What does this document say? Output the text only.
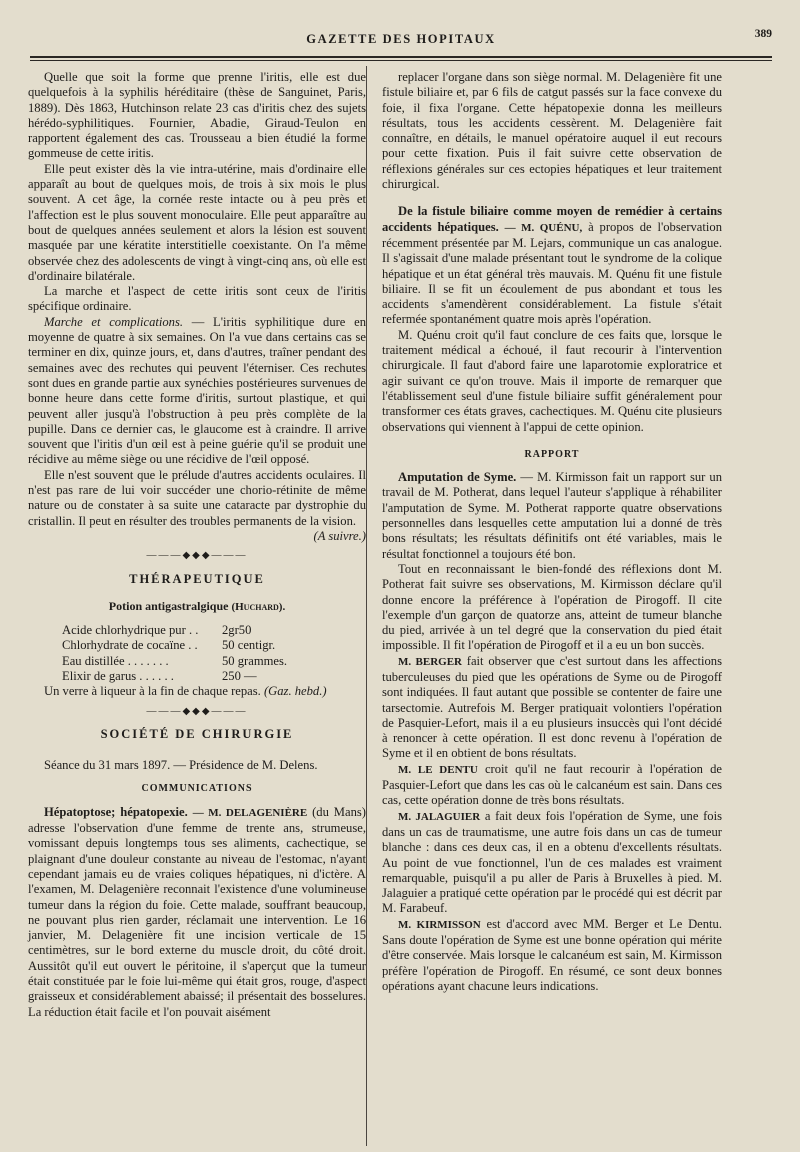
GAZETTE DES HOPITAUX	389

Quelle que soit la forme que prenne l'iritis, elle est due quelquefois à la syphilis héréditaire (thèse de Sanguinet, Paris, 1889). Dès 1863, Hutchinson relate 23 cas d'iritis chez des sujets hérédo-syphilitiques. Fournier, Abadie, Giraud-Teulon en rapportent également des cas. Trousseau a bien étudié la forme gommeuse de cette iritis.

Elle peut exister dès la vie intra-utérine, mais d'ordinaire elle apparaît au bout de quelques mois, de trois à six mois le plus souvent. A cet âge, la cornée reste intacte ou à peu près et l'affection est le plus souvent monoculaire. Elle peut apparaître au bout de quelques années seulement et alors la lésion est souvent masquée par une kératite interstitielle coexistante. On l'a même observée chez des adolescents de vingt à vingt-cinq ans, où elle est d'ordinaire bilatérale.

La marche et l'aspect de cette iritis sont ceux de l'iritis spécifique ordinaire.

Marche et complications. — L'iritis syphilitique dure en moyenne de quatre à six semaines. On l'a vue dans certains cas se terminer en dix, quinze jours, et, dans d'autres, traîner pendant des semaines avec des rechutes qui peuvent l'éterniser. Ces rechutes sont dues en grande partie aux synéchies postérieures survenues de bonne heure dans cette forme d'iritis, surtout plastique, et qui peuvent aller jusqu'à l'obstruction à peu près complète de la pupille. Dans ce dernier cas, le glaucome est à craindre. Il arrive souvent que l'iritis d'un œil est à peine guérie qu'il se produit une récidive au même siège ou une récidive de l'œil opposé.

Elle n'est souvent que le prélude d'autres accidents oculaires. Il n'est pas rare de lui voir succéder une chorio-rétinite de même nature ou de constater à sa suite une cataracte par dystrophie du cristallin. Il peut en résulter des troubles permanents de la vision.

(A suivre.)

———◆◆◆———

THÉRAPEUTIQUE

Potion antigastralgique (Huchard).

Acide chlorhydrique pur . . 2gr50
Chlorhydrate de cocaïne . . 50 centigr.
Eau distillée . . . . . . .	50 grammes.
Elixir de garus . . . . . .	250 —

Un verre à liqueur à la fin de chaque repas. (Gaz. hebd.)

———◆◆◆———

SOCIÉTÉ DE CHIRURGIE

Séance du 31 mars 1897. — Présidence de M. Delens.

COMMUNICATIONS

Hépatoptose; hépatopexie. — M. DELAGENIÈRE (du Mans) adresse l'observation d'une femme de trente ans, strumeuse, vomissant depuis longtemps tous ses aliments, cachectique, se plaignant d'une douleur constante au niveau de l'estomac, n'ayant cependant jamais eu de vraies coliques hépatiques, ni d'ictère. A l'examen, M. Delagenière reconnait l'existence d'une volumineuse tumeur dans la région du foie. Cette malade, souffrant beaucoup, ne pouvant plus rien garder, réclamait une intervention. Le 16 janvier, M. Delagenière fit une incision verticale de 15 centimètres, sur le bord externe du muscle droit, du côté droit. Aussitôt qu'il eut ouvert le péritoine, il s'aperçut que la tumeur était constituée par le foie lui-même qui était gros, rouge, d'aspect graisseux et considérablement abaissé; il présentait des bosselures. La réduction était facile et l'on pouvait aisément

replacer l'organe dans son siège normal. M. Delagenière fit une fistule biliaire et, par 6 fils de catgut passés sur la face convexe du foie, il fixa l'organe. Cette hépatopexie donna les meilleurs résultats, tous les accidents cessèrent. M. Delagenière fait connaître, en détails, le manuel opératoire auquel il eut recours pour cette fixation. Puis il fait suivre cette observation de réflexions générales sur ces ectopies hépatiques et leur traitement chirurgical.

De la fistule biliaire comme moyen de remédier à certains accidents hépatiques. — M. QUÉNU, à propos de l'observation récemment présentée par M. Lejars, communique un cas analogue. Il s'agissait d'une malade présentant tout le syndrome de la colique hépatique et un état général très mauvais. M. Quénu fit une fistule biliaire. Il se fit un écoulement de pus abondant et tous les accidents s'amendèrent considérablement. La fistule s'était refermée spontanément quatre mois après l'opération.

M. Quénu croit qu'il faut conclure de ces faits que, lorsque le traitement médical a échoué, il faut recourir à l'intervention chirurgicale. Il faut d'abord faire une laparotomie exploratrice et agir suivant ce qu'on trouve. Mais il importe de remarquer que l'établissement seul d'une fistule biliaire suffit généralement pour transformer ces états graves, cachectiques. M. Quénu cite plusieurs observations qui viennent à l'appui de cette opinion.

RAPPORT

Amputation de Syme. — M. Kirmisson fait un rapport sur un travail de M. Potherat, dans lequel l'auteur s'applique à réhabiliter l'amputation de Syme. M. Potherat rapporte quatre observations personnelles dans lesquelles cette amputation lui a donné de très bons résultats; les résultats définitifs ont été variables, mais le résultat fonctionnel a toujours été bon.

Tout en reconnaissant le bien-fondé des réflexions dont M. Potherat fait suivre ses observations, M. Kirmisson déclare qu'il donne encore la préférence à l'opération de Pirogoff. Il cite l'exemple d'un garçon de quatorze ans, atteint de tumeur blanche du pied, arrivée à un tel degré que la conservation du pied était impossible. Il fit l'opération de Pirogoff et il a eu un bon succès.

M. BERGER fait observer que c'est surtout dans les affections tuberculeuses du pied que les opérations de Syme ou de Pirogoff sont indiquées. Il faut autant que possible se contenter de faire une tarsectomie. Autrefois M. Berger pratiquait volontiers l'opération de Pasquier-Lefort, mais il a eu plusieurs insuccès qui l'ont décidé à renoncer à cette opération. Il est donc revenu à l'opération de Syme et il en obtient de bons résultats.

M. LE DENTU croit qu'il ne faut recourir à l'opération de Pasquier-Lefort que dans les cas où le calcanéum est sain. Dans ces cas, cette opération donne de très bons résultats.

M. JALAGUIER a fait deux fois l'opération de Syme, une fois dans un cas de traumatisme, une autre fois dans un cas de tumeur blanche : dans ces deux cas, il en a obtenu d'excellents résultats. Au point de vue fonctionnel, l'un de ces malades est vraiment remarquable, puisqu'il a pu aller de Paris à Bruxelles à pied. M. Jalaguier a pratiqué cette opération par le procédé qui est décrit par M. Farabeuf.

M. KIRMISSON est d'accord avec MM. Berger et Le Dentu. Sans doute l'opération de Syme est une bonne opération qui mérite d'être conservée. Mais lorsque le calcanéum est sain, M. Kirmisson préfère l'opération de Pirogoff. En résumé, ce sont deux bonnes opérations ayant chacune leurs indications.
